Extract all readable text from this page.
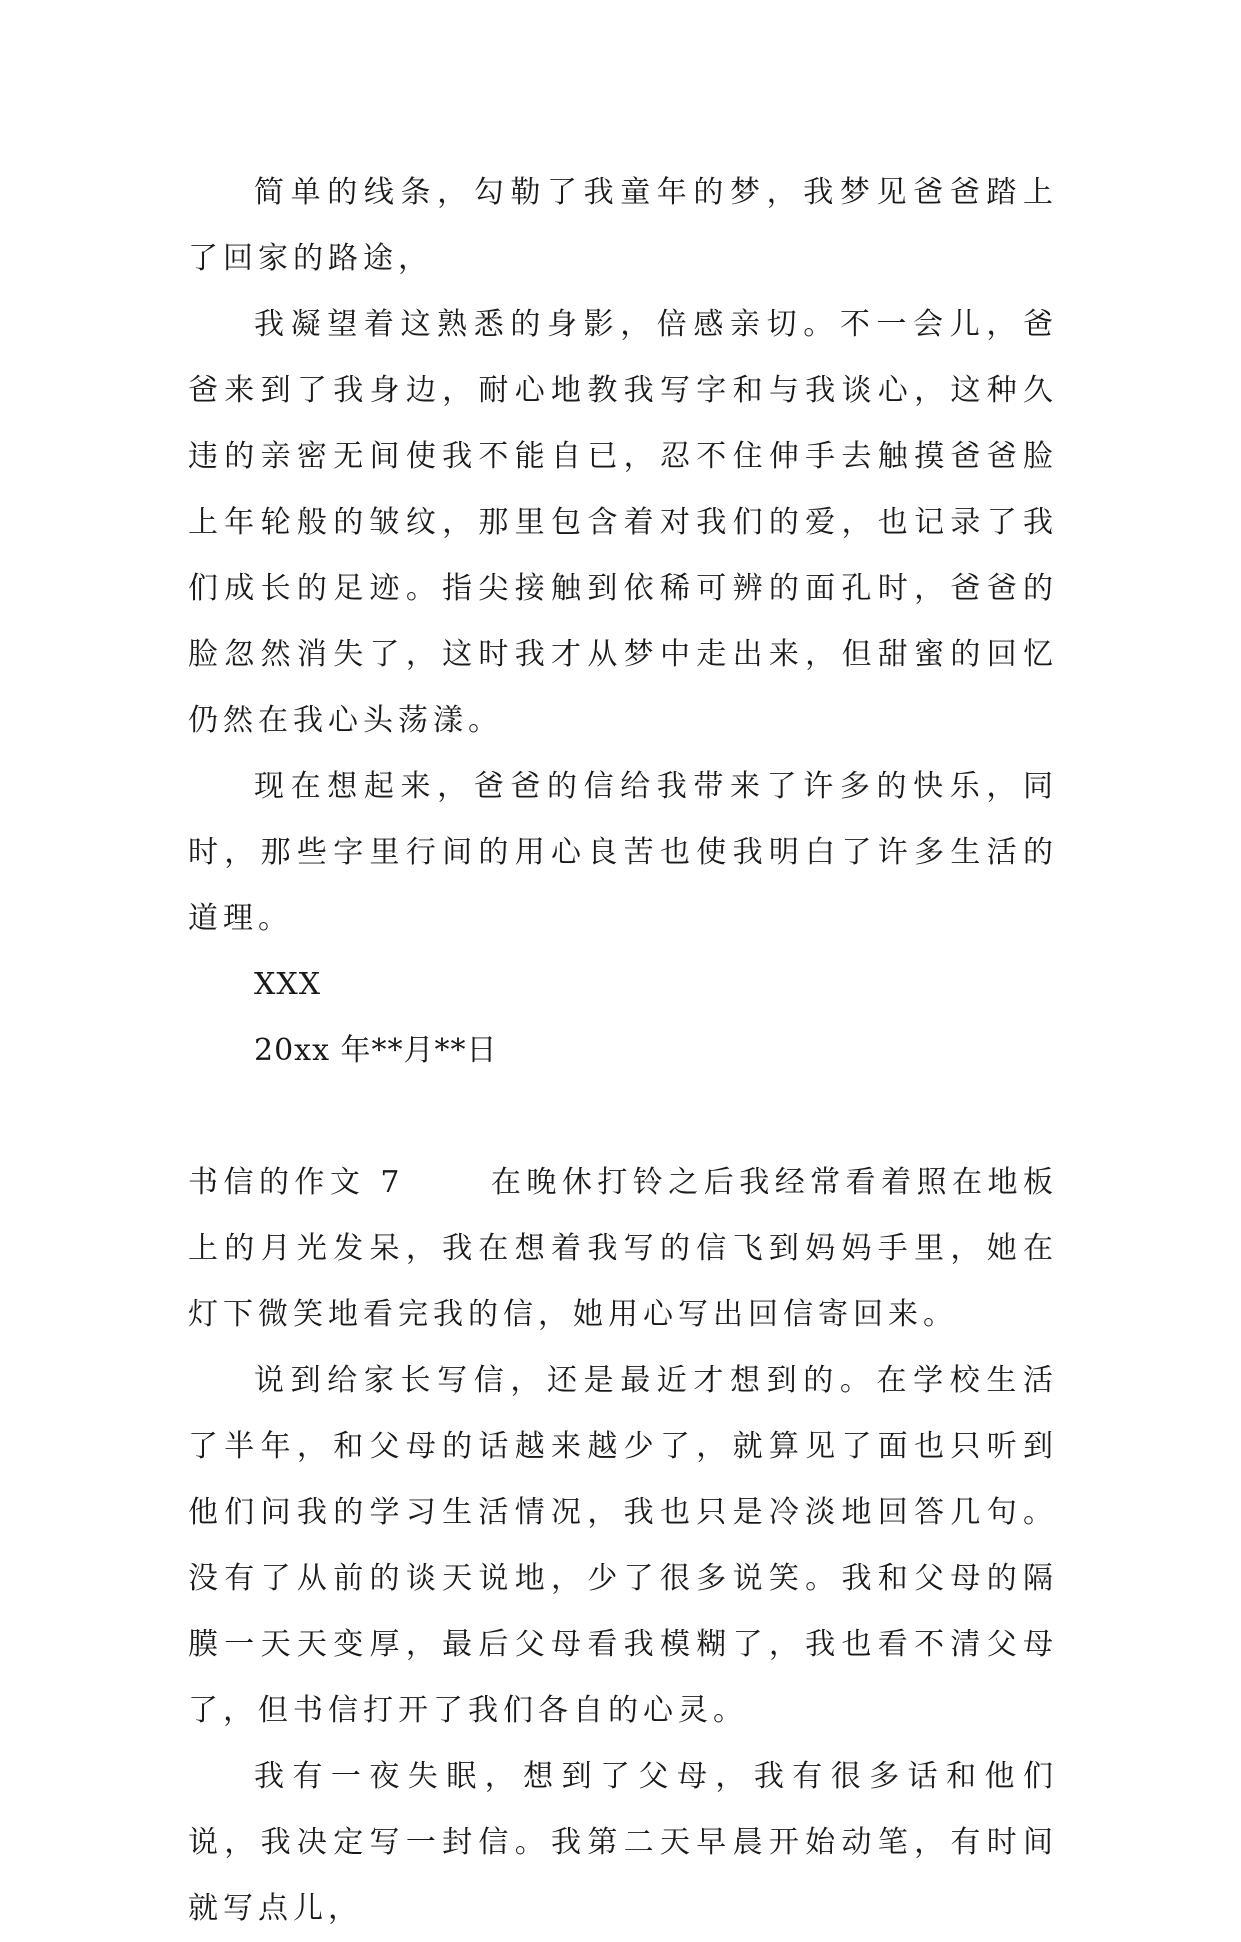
简单的线条，勾勒了我童年的梦，我梦见爸爸踏上了回家的路途，

我凝望着这熟悉的身影，倍感亲切。不一会儿，爸爸来到了我身边，耐心地教我写字和与我谈心，这种久违的亲密无间使我不能自已，忍不住伸手去触摸爸爸脸上年轮般的皱纹，那里包含着对我们的爱，也记录了我们成长的足迹。指尖接触到依稀可辨的面孔时，爸爸的脸忽然消失了，这时我才从梦中走出来，但甜蜜的回忆仍然在我心头荡漾。

现在想起来，爸爸的信给我带来了许多的快乐，同时，那些字里行间的用心良苦也使我明白了许多生活的道理。

XXX

20xx 年**月**日

书信的作文 7	在晚休打铃之后我经常看着照在地板上的月光发呆，我在想着我写的信飞到妈妈手里，她在灯下微笑地看完我的信，她用心写出回信寄回来。

说到给家长写信，还是最近才想到的。在学校生活了半年，和父母的话越来越少了，就算见了面也只听到他们问我的学习生活情况，我也只是冷淡地回答几句。没有了从前的谈天说地，少了很多说笑。我和父母的隔膜一天天变厚，最后父母看我模糊了，我也看不清父母了，但书信打开了我们各自的心灵。

我有一夜失眠，想到了父母，我有很多话和他们说，我决定写一封信。我第二天早晨开始动笔，有时间就写点儿，
